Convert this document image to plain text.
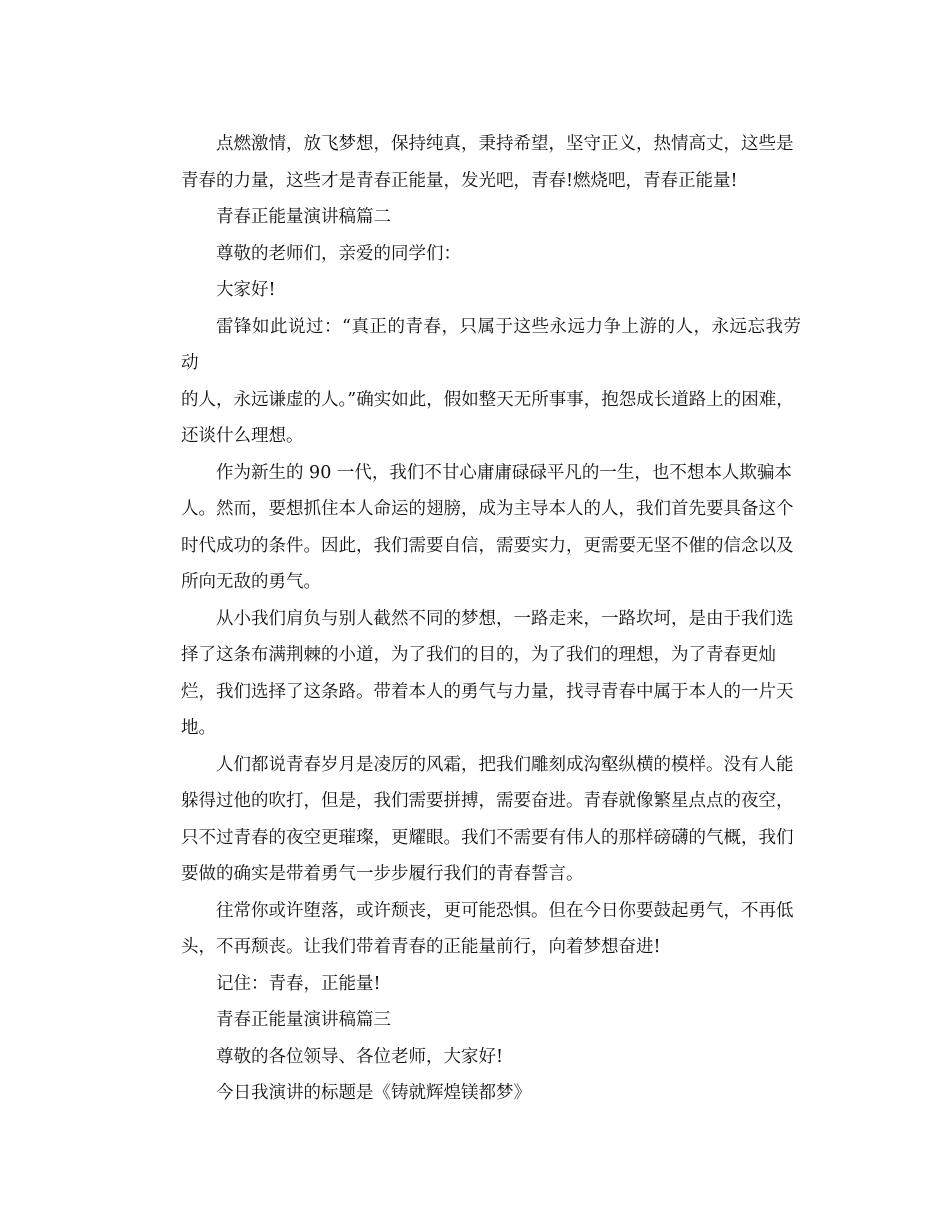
点燃激情，放飞梦想，保持纯真，秉持希望，坚守正义，热情高丈，这些是
青春的力量，这些才是青春正能量，发光吧，青春!燃烧吧，青春正能量!

青春正能量演讲稿篇二

尊敬的老师们，亲爱的同学们：

大家好!

雷锋如此说过：“真正的青春，只属于这些永远力争上游的人，永远忘我劳动
的人，永远谦虚的人。”确实如此，假如整天无所事事，抱怨成长道路上的困难，
还谈什么理想。

作为新生的 90 一代，我们不甘心庸庸碌碌平凡的一生，也不想本人欺骗本
人。然而，要想抓住本人命运的翅膀，成为主导本人的人，我们首先要具备这个
时代成功的条件。因此，我们需要自信，需要实力，更需要无坚不催的信念以及
所向无敌的勇气。

从小我们肩负与别人截然不同的梦想，一路走来，一路坎坷，是由于我们选
择了这条布满荆棘的小道，为了我们的目的，为了我们的理想，为了青春更灿
烂，我们选择了这条路。带着本人的勇气与力量，找寻青春中属于本人的一片天
地。

人们都说青春岁月是凌厉的风霜，把我们雕刻成沟壑纵横的模样。没有人能
躲得过他的吹打，但是，我们需要拼搏，需要奋进。青春就像繁星点点的夜空，
只不过青春的夜空更璀璨，更耀眼。我们不需要有伟人的那样磅礴的气概，我们
要做的确实是带着勇气一步步履行我们的青春誓言。

往常你或许堕落，或许颓丧，更可能恐惧。但在今日你要鼓起勇气，不再低
头，不再颓丧。让我们带着青春的正能量前行，向着梦想奋进!

记住：青春，正能量!

青春正能量演讲稿篇三

尊敬的各位领导、各位老师，大家好!

今日我演讲的标题是《铸就辉煌镁都梦》
